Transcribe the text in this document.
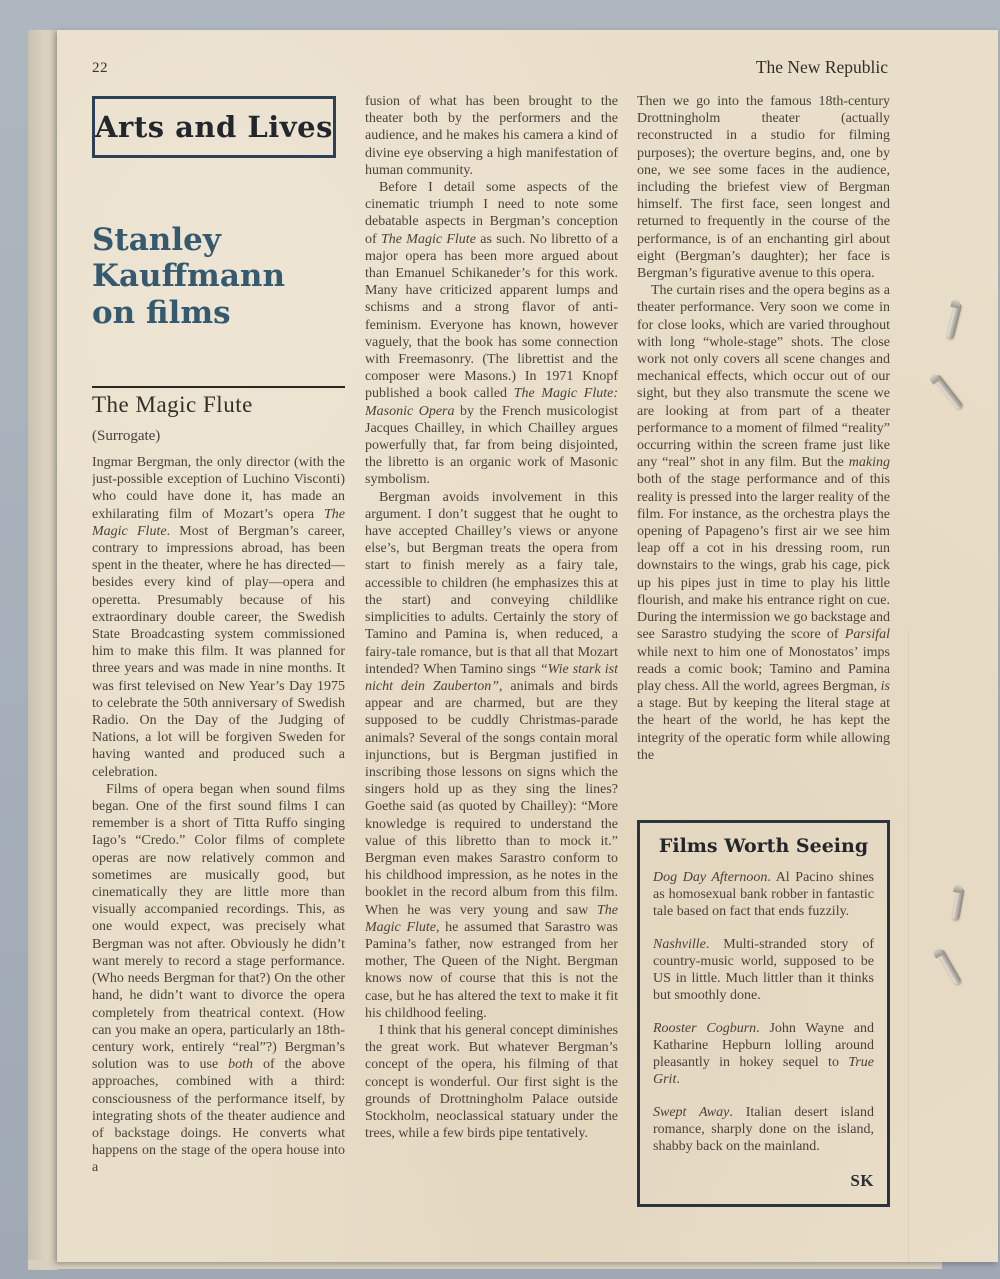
22	The New Republic
Arts and Lives
Stanley Kauffmann on films
The Magic Flute
(Surrogate)

Ingmar Bergman, the only director (with the just-possible exception of Luchino Visconti) who could have done it, has made an exhilarating film of Mozart’s opera The Magic Flute. Most of Bergman’s career, contrary to impressions abroad, has been spent in the theater, where he has directed—besides every kind of play—opera and operetta. Presumably because of his extraordinary double career, the Swedish State Broadcasting system commissioned him to make this film. It was planned for three years and was made in nine months. It was first televised on New Year’s Day 1975 to celebrate the 50th anniversary of Swedish Radio. On the Day of the Judging of Nations, a lot will be forgiven Sweden for having wanted and produced such a celebration.

Films of opera began when sound films began. One of the first sound films I can remember is a short of Titta Ruffo singing Iago’s “Credo.” Color films of complete operas are now relatively common and sometimes are musically good, but cinematically they are little more than visually accompanied recordings. This, as one would expect, was precisely what Bergman was not after. Obviously he didn’t want merely to record a stage performance. (Who needs Bergman for that?) On the other hand, he didn’t want to divorce the opera completely from theatrical context. (How can you make an opera, particularly an 18th-century work, entirely “real”?) Bergman’s solution was to use both of the above approaches, combined with a third: consciousness of the performance itself, by integrating shots of the theater audience and of backstage doings. He converts what happens on the stage of the opera house into a

fusion of what has been brought to the theater both by the performers and the audience, and he makes his camera a kind of divine eye observing a high manifestation of human community.

Before I detail some aspects of the cinematic triumph I need to note some debatable aspects in Bergman’s conception of The Magic Flute as such. No libretto of a major opera has been more argued about than Emanuel Schikaneder’s for this work. Many have criticized apparent lumps and schisms and a strong flavor of anti-feminism. Everyone has known, however vaguely, that the book has some connection with Freemasonry. (The librettist and the composer were Masons.) In 1971 Knopf published a book called The Magic Flute: Masonic Opera by the French musicologist Jacques Chailley, in which Chailley argues powerfully that, far from being disjointed, the libretto is an organic work of Masonic symbolism.

Bergman avoids involvement in this argument. I don’t suggest that he ought to have accepted Chailley’s views or anyone else’s, but Bergman treats the opera from start to finish merely as a fairy tale, accessible to children (he emphasizes this at the start) and conveying childlike simplicities to adults. Certainly the story of Tamino and Pamina is, when reduced, a fairy-tale romance, but is that all that Mozart intended? When Tamino sings “Wie stark ist nicht dein Zauberton”, animals and birds appear and are charmed, but are they supposed to be cuddly Christmas-parade animals? Several of the songs contain moral injunctions, but is Bergman justified in inscribing those lessons on signs which the singers hold up as they sing the lines? Goethe said (as quoted by Chailley): “More knowledge is required to understand the value of this libretto than to mock it.” Bergman even makes Sarastro conform to his childhood impression, as he notes in the booklet in the record album from this film. When he was very young and saw The Magic Flute, he assumed that Sarastro was Pamina’s father, now estranged from her mother, The Queen of the Night. Bergman knows now of course that this is not the case, but he has altered the text to make it fit his childhood feeling.

I think that his general concept diminishes the great work. But whatever Bergman’s concept of the opera, his filming of that concept is wonderful. Our first sight is the grounds of Drottningholm Palace outside Stockholm, neoclassical statuary under the trees, while a few birds pipe tentatively.

Then we go into the famous 18th-century Drottningholm theater (actually reconstructed in a studio for filming purposes); the overture begins, and, one by one, we see some faces in the audience, including the briefest view of Bergman himself. The first face, seen longest and returned to frequently in the course of the performance, is of an enchanting girl about eight (Bergman’s daughter); her face is Bergman’s figurative avenue to this opera.

The curtain rises and the opera begins as a theater performance. Very soon we come in for close looks, which are varied throughout with long “whole-stage” shots. The close work not only covers all scene changes and mechanical effects, which occur out of our sight, but they also transmute the scene we are looking at from part of a theater performance to a moment of filmed “reality” occurring within the screen frame just like any “real” shot in any film. But the making both of the stage performance and of this reality is pressed into the larger reality of the film. For instance, as the orchestra plays the opening of Papageno’s first air we see him leap off a cot in his dressing room, run downstairs to the wings, grab his cage, pick up his pipes just in time to play his little flourish, and make his entrance right on cue. During the intermission we go backstage and see Sarastro studying the score of Parsifal while next to him one of Monostatos’ imps reads a comic book; Tamino and Pamina play chess. All the world, agrees Bergman, is a stage. But by keeping the literal stage at the heart of the world, he has kept the integrity of the operatic form while allowing the

Films Worth Seeing

Dog Day Afternoon. Al Pacino shines as homosexual bank robber in fantastic tale based on fact that ends fuzzily.

Nashville. Multi-stranded story of country-music world, supposed to be US in little. Much littler than it thinks but smoothly done.

Rooster Cogburn. John Wayne and Katharine Hepburn lolling around pleasantly in hokey sequel to True Grit.

Swept Away. Italian desert island romance, sharply done on the island, shabby back on the mainland.

SK
